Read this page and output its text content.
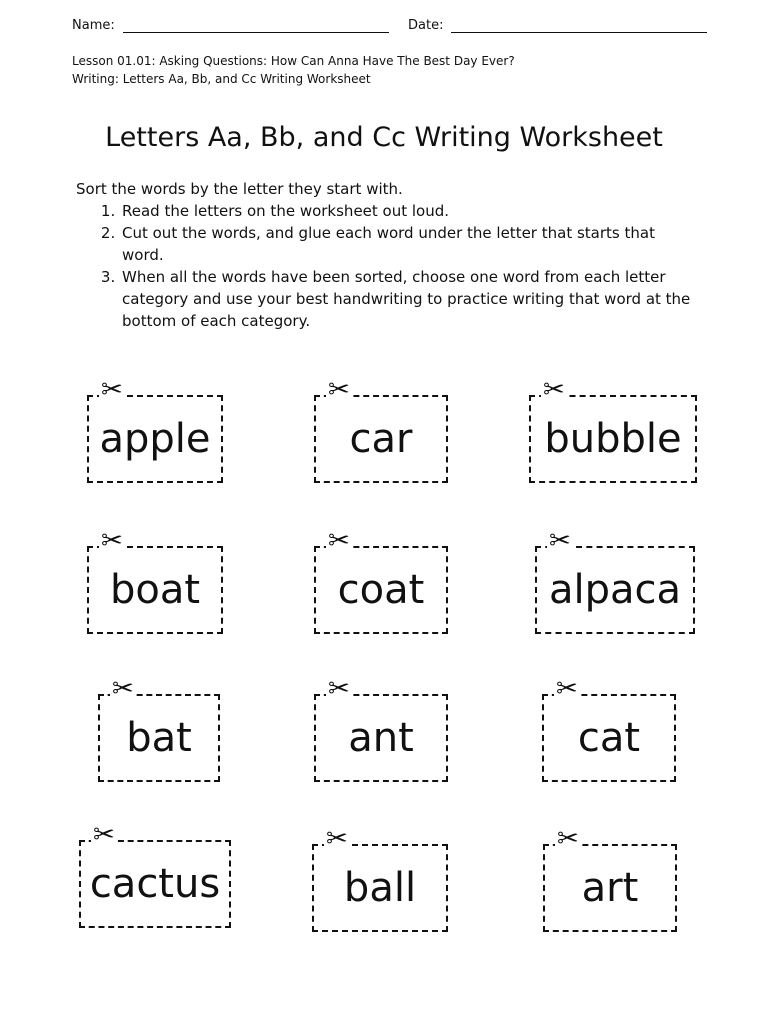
Name:	Date:
Lesson 01.01: Asking Questions: How Can Anna Have The Best Day Ever?
Writing: Letters Aa, Bb, and Cc Writing Worksheet
Letters Aa, Bb, and Cc Writing Worksheet
Sort the words by the letter they start with.
1. Read the letters on the worksheet out loud.
2. Cut out the words, and glue each word under the letter that starts that word.
3. When all the words have been sorted, choose one word from each letter category and use your best handwriting to practice writing that word at the bottom of each category.
✂
apple
✂
car
✂
bubble
✂
boat
✂
coat
✂
alpaca
✂
bat
✂
ant
✂
cat
✂
cactus
✂
ball
✂
art
